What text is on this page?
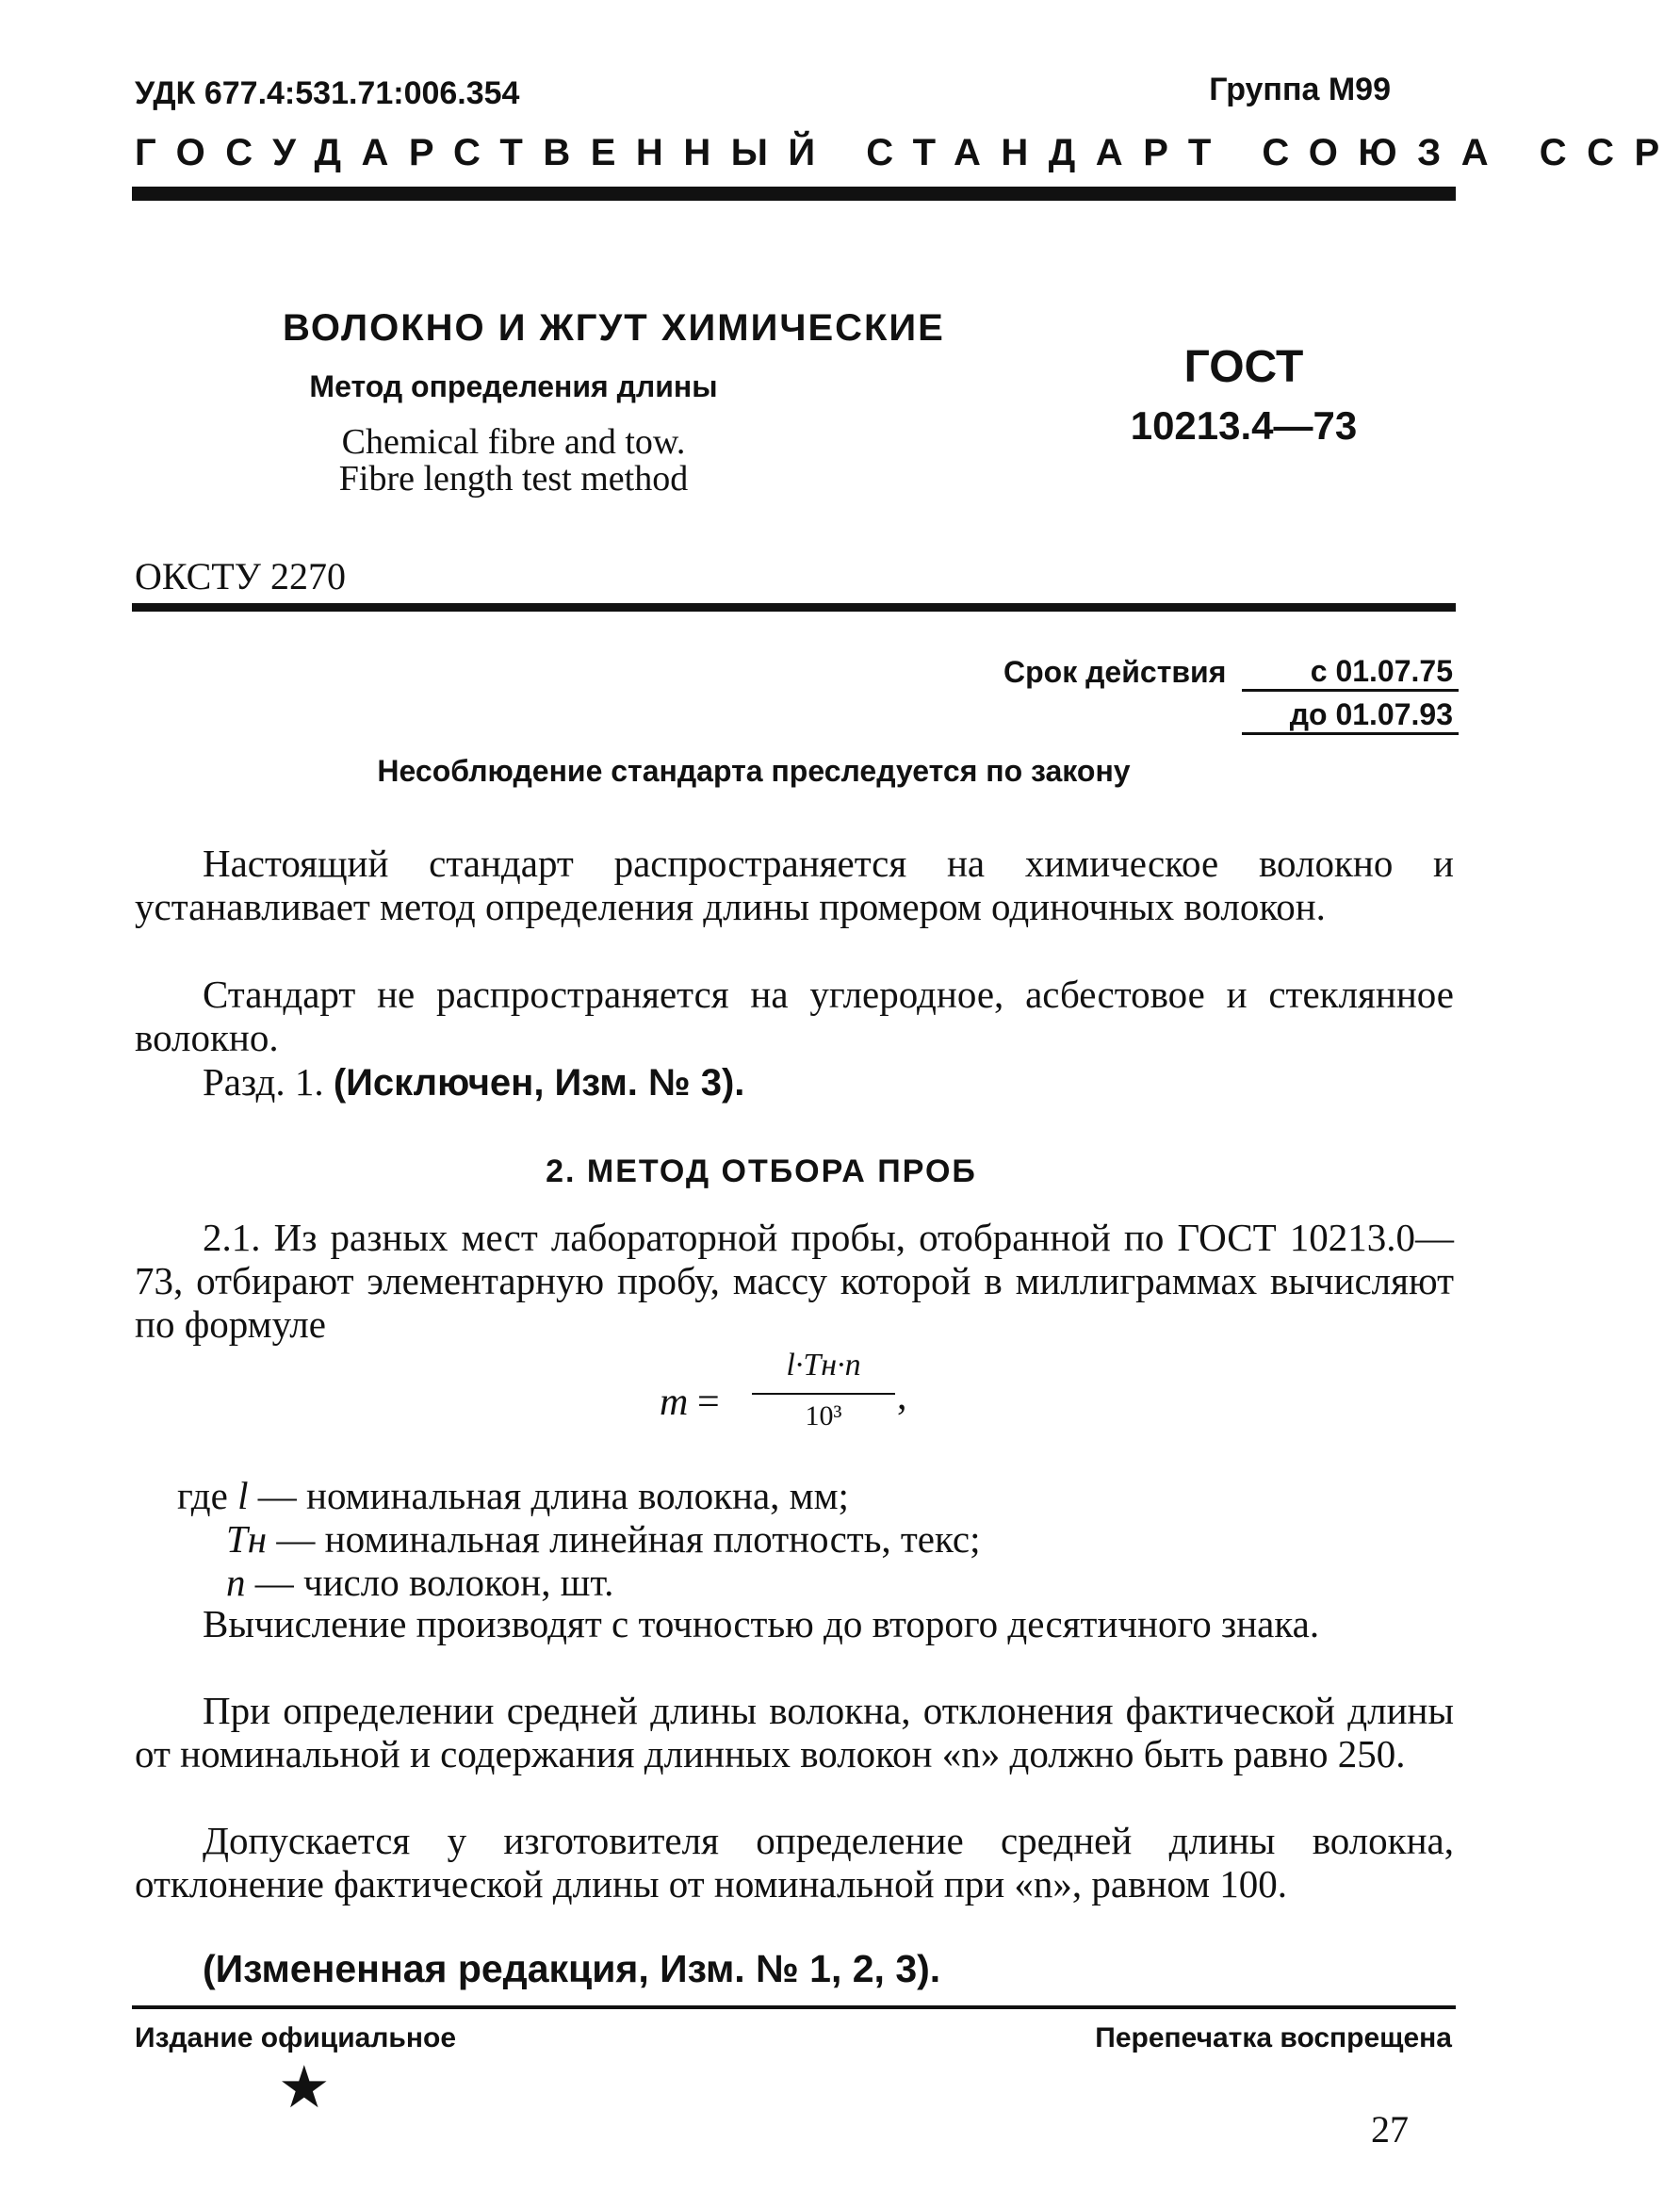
УДК 677.4:531.71:006.354	Группа М99
ГОСУДАРСТВЕННЫЙ СТАНДАРТ СОЮЗА ССР
ВОЛОКНО И ЖГУТ ХИМИЧЕСКИЕ
Метод определения длины
Chemical fibre and tow.
Fibre length test method
ГОСТ
10213.4—73
ОКСТУ 2270
Срок действия	с 01.07.75
до 01.07.93
Несоблюдение стандарта преследуется по закону
Настоящий стандарт распространяется на химическое волокно и устанавливает метод определения длины промером одиночных волокон.
Стандарт не распространяется на углеродное, асбестовое и стеклянное волокно.
Разд. 1. (Исключен, Изм. № 3).
2. МЕТОД ОТБОРА ПРОБ
2.1. Из разных мест лабораторной пробы, отобранной по ГОСТ 10213.0—73, отбирают элементарную пробу, массу которой в миллиграммах вычисляют по формуле
m =
l·Tн·n
10³	,
где l — номинальная длина волокна, мм;
Tн — номинальная линейная плотность, текс;
n — число волокон, шт.
Вычисление производят с точностью до второго десятичного знака.
При определении средней длины волокна, отклонения фактической длины от номинальной и содержания длинных волокон «n» должно быть равно 250.
Допускается у изготовителя определение средней длины волокна, отклонение фактической длины от номинальной при «n», равном 100.
(Измененная редакция, Изм. № 1, 2, 3).
Издание официальное	Перепечатка воспрещена
★
27
